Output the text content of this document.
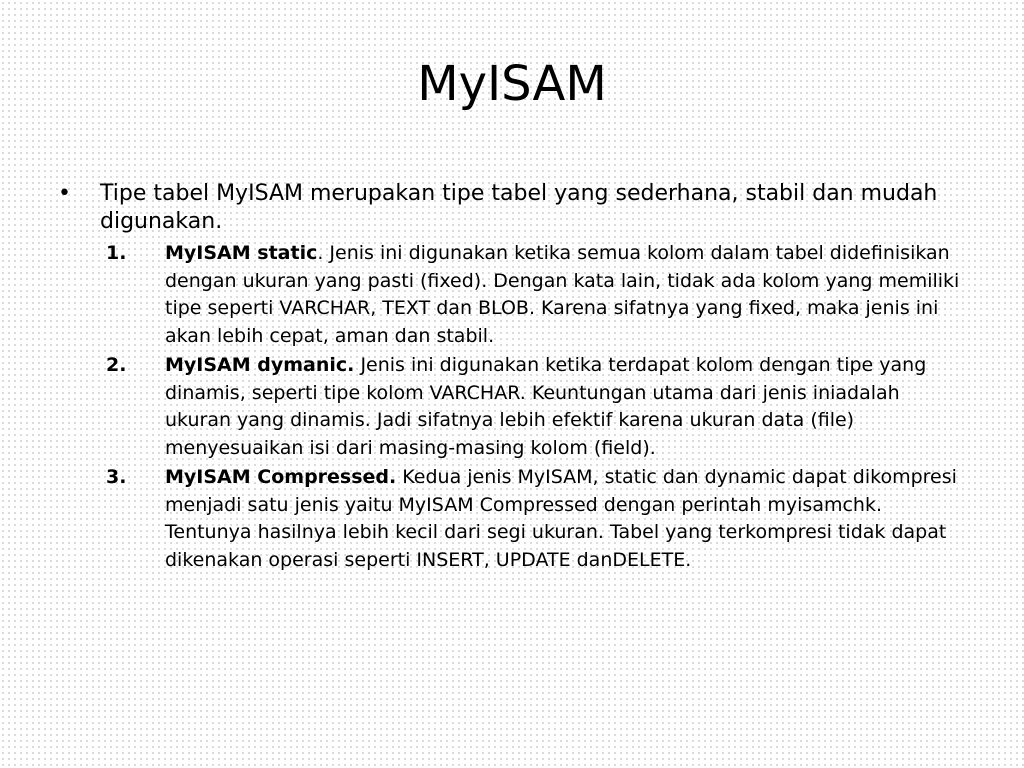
MyISAM
• Tipe tabel MyISAM merupakan tipe tabel yang sederhana, stabil dan mudah digunakan.
1. MyISAM static. Jenis ini digunakan ketika semua kolom dalam tabel didefinisikan dengan ukuran yang pasti (fixed). Dengan kata lain, tidak ada kolom yang memiliki tipe seperti VARCHAR, TEXT dan BLOB. Karena sifatnya yang fixed, maka jenis ini akan lebih cepat, aman dan stabil.
2. MyISAM dymanic. Jenis ini digunakan ketika terdapat kolom dengan tipe yang dinamis, seperti tipe kolom VARCHAR. Keuntungan utama dari jenis iniadalah ukuran yang dinamis. Jadi sifatnya lebih efektif karena ukuran data (file) menyesuaikan isi dari masing-masing kolom (field).
3. MyISAM Compressed. Kedua jenis MyISAM, static dan dynamic dapat dikompresi menjadi satu jenis yaitu MyISAM Compressed dengan perintah myisamchk. Tentunya hasilnya lebih kecil dari segi ukuran. Tabel yang terkompresi tidak dapat dikenakan operasi seperti INSERT, UPDATE danDELETE.
